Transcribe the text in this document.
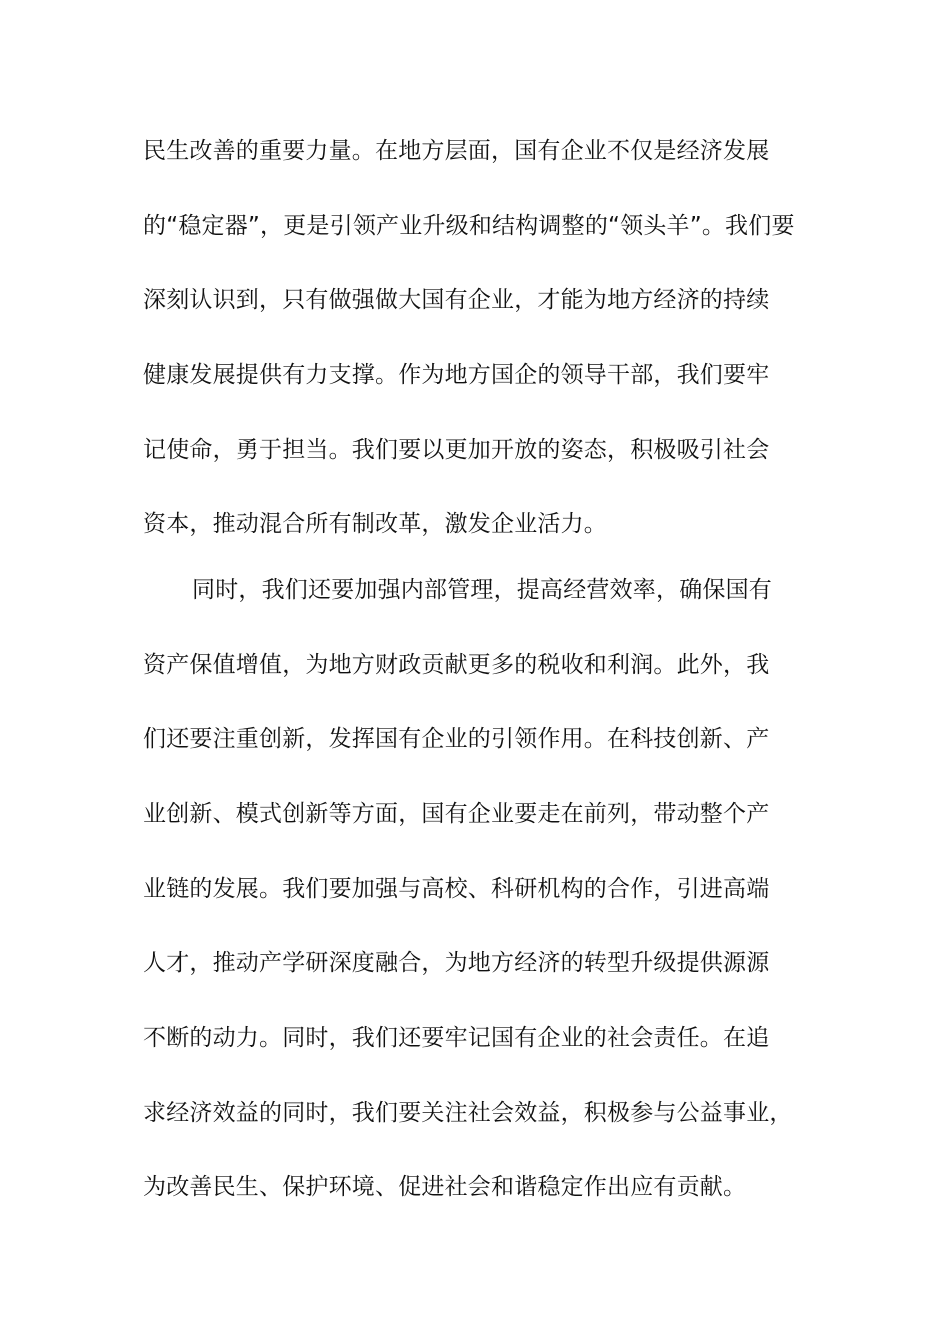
民生改善的重要力量。在地方层面，国有企业不仅是经济发展
的“稳定器”，更是引领产业升级和结构调整的“领头羊”。我们要
深刻认识到，只有做强做大国有企业，才能为地方经济的持续
健康发展提供有力支撑。作为地方国企的领导干部，我们要牢
记使命，勇于担当。我们要以更加开放的姿态，积极吸引社会
资本，推动混合所有制改革，激发企业活力。
同时，我们还要加强内部管理，提高经营效率，确保国有
资产保值增值，为地方财政贡献更多的税收和利润。此外，我
们还要注重创新，发挥国有企业的引领作用。在科技创新、产
业创新、模式创新等方面，国有企业要走在前列，带动整个产
业链的发展。我们要加强与高校、科研机构的合作，引进高端
人才，推动产学研深度融合，为地方经济的转型升级提供源源
不断的动力。同时，我们还要牢记国有企业的社会责任。在追
求经济效益的同时，我们要关注社会效益，积极参与公益事业，
为改善民生、保护环境、促进社会和谐稳定作出应有贡献。
